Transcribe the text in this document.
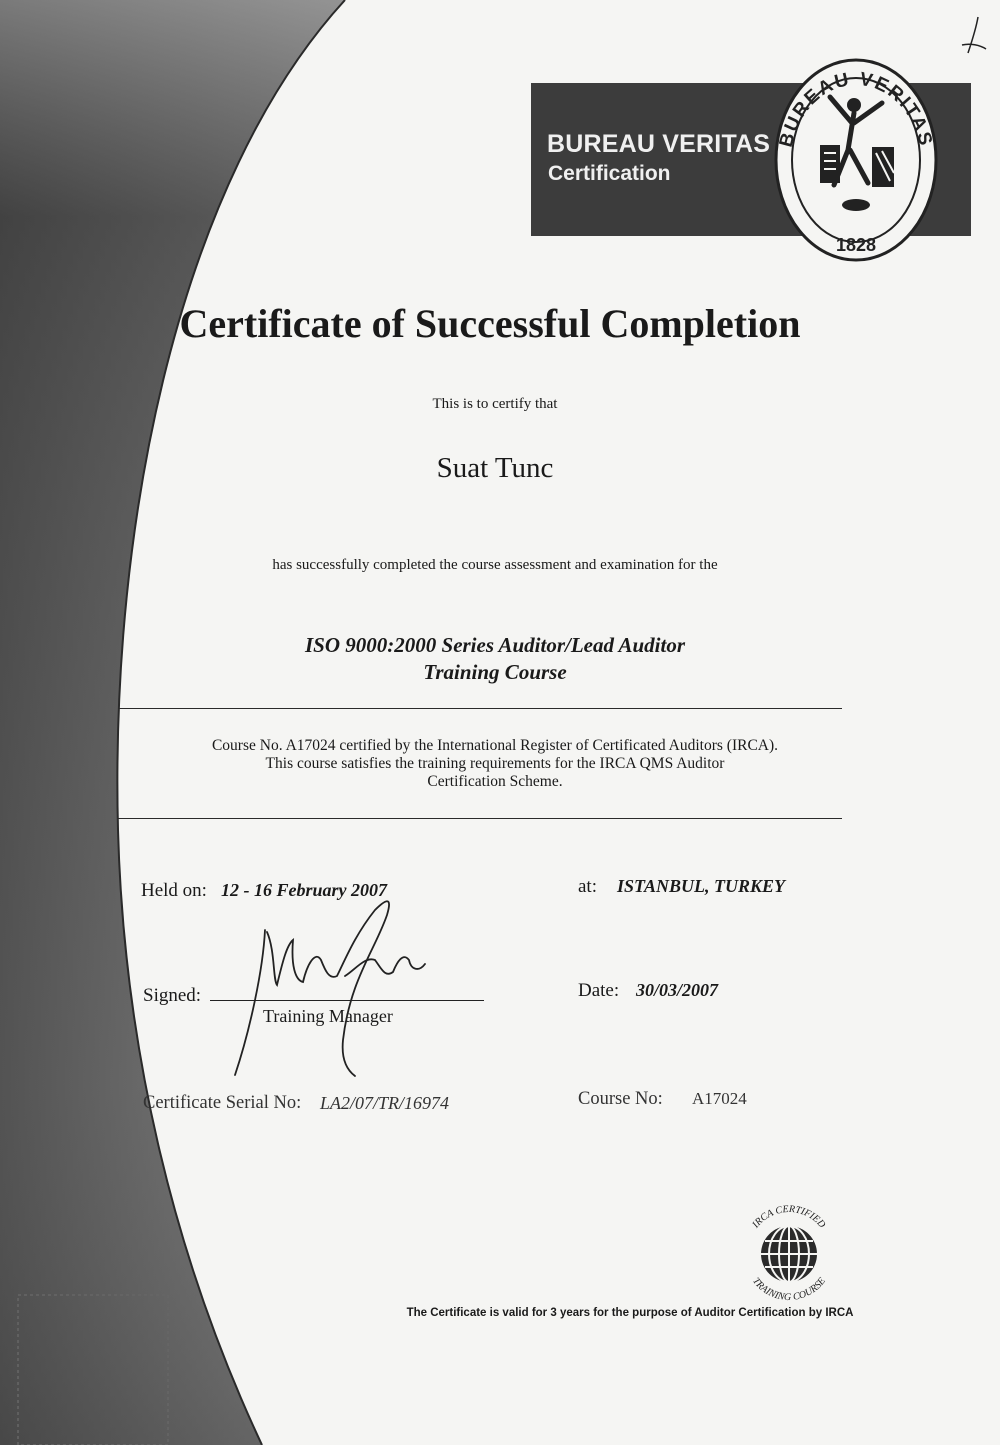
BUREAU VERITAS
Certification
BUREAU VERITAS
1828
Certificate of Successful Completion
This is to certify that
Suat Tunc
has successfully completed the course assessment and examination for the
ISO 9000:2000 Series Auditor/Lead Auditor
Training Course
Course No. A17024 certified by the International Register of Certificated Auditors (IRCA).
This course satisfies the training requirements for the IRCA QMS Auditor
Certification Scheme.
Held on: 12 - 16 February 2007	at: ISTANBUL, TURKEY
Signed:
Training Manager
Date: 30/03/2007
Certificate Serial No: LA2/07/TR/16974	Course No: A17024
IRCA CERTIFIED
TRAINING COURSE
The Certificate is valid for 3 years for the purpose of Auditor Certification by IRCA
